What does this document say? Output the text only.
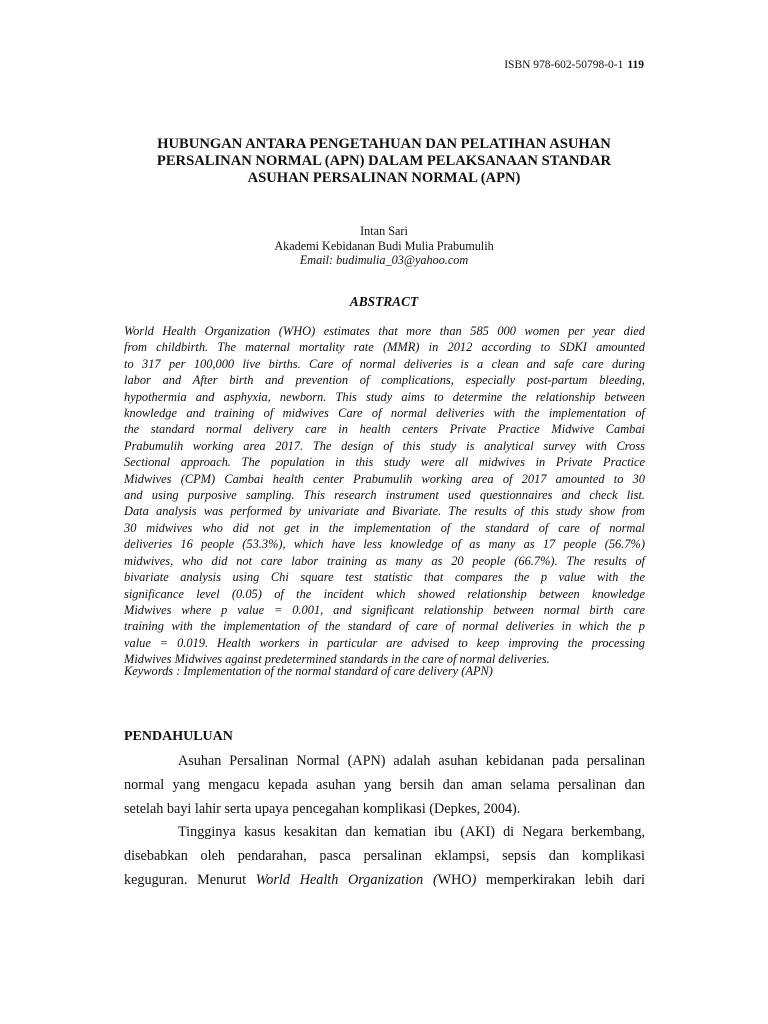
ISBN 978-602-50798-0-1 119
HUBUNGAN ANTARA PENGETAHUAN DAN PELATIHAN ASUHAN
PERSALINAN NORMAL (APN) DALAM PELAKSANAAN STANDAR
ASUHAN PERSALINAN NORMAL (APN)
Intan Sari
Akademi Kebidanan Budi Mulia Prabumulih
Email: budimulia_03@yahoo.com
ABSTRACT
World Health Organization (WHO) estimates that more than 585 000 women per year died
from childbirth. The maternal mortality rate (MMR) in 2012 according to SDKI amounted
to 317 per 100,000 live births. Care of normal deliveries is a clean and safe care during
labor and After birth and prevention of complications, especially post-partum bleeding,
hypothermia and asphyxia, newborn. This study aims to determine the relationship between
knowledge and training of midwives Care of normal deliveries with the implementation of
the standard normal delivery care in health centers Private Practice Midwive Cambai
Prabumulih working area 2017. The design of this study is analytical survey with Cross
Sectional approach. The population in this study were all midwives in Private Practice
Midwives (CPM) Cambai health center Prabumulih working area of 2017 amounted to 30
and using purposive sampling. This research instrument used questionnaires and check list.
Data analysis was performed by univariate and Bivariate. The results of this study show from
30 midwives who did not get in the implementation of the standard of care of normal
deliveries 16 people (53.3%), which have less knowledge of as many as 17 people (56.7%)
midwives, who did not care labor training as many as 20 people (66.7%). The results of
bivariate analysis using Chi square test statistic that compares the p value with the
significance level (0.05) of the incident which showed relationship between knowledge
Midwives where p value = 0.001, and significant relationship between normal birth care
training with the implementation of the standard of care of normal deliveries in which the p
value = 0.019. Health workers in particular are advised to keep improving the processing
Midwives Midwives against predetermined standards in the care of normal deliveries.
Keywords : Implementation of the normal standard of care delivery (APN)
PENDAHULUAN
Asuhan Persalinan Normal (APN) adalah asuhan kebidanan pada persalinan
normal yang mengacu kepada asuhan yang bersih dan aman selama persalinan dan
setelah bayi lahir serta upaya pencegahan komplikasi (Depkes, 2004).
Tingginya kasus kesakitan dan kematian ibu (AKI) di Negara berkembang,
disebabkan oleh pendarahan, pasca persalinan eklampsi, sepsis dan komplikasi
keguguran. Menurut World Health Organization (WHO) memperkirakan lebih dari
